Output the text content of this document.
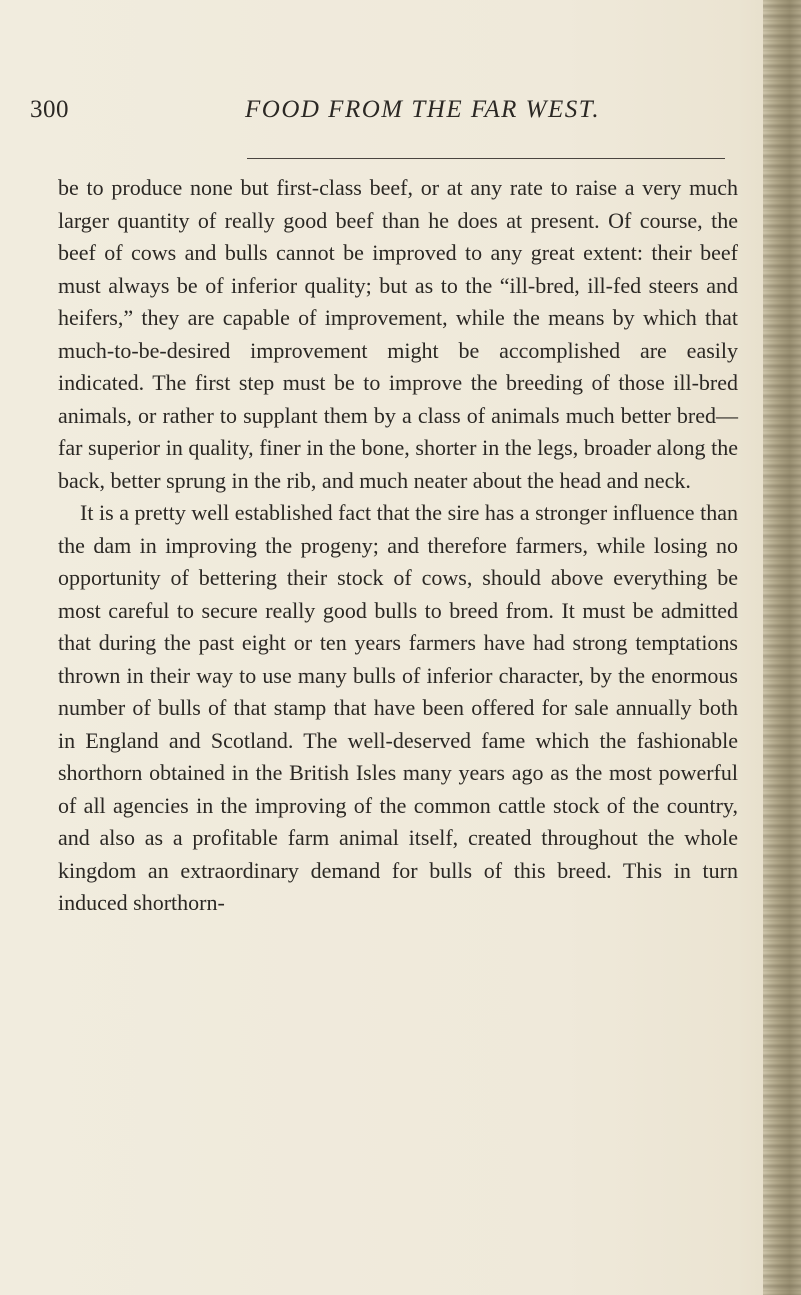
300	FOOD FROM THE FAR WEST.

be to produce none but first-class beef, or at any rate to raise a very much larger quantity of really good beef than he does at present. Of course, the beef of cows and bulls cannot be improved to any great extent: their beef must always be of inferior quality; but as to the “ill-bred, ill-fed steers and heifers,” they are capable of improvement, while the means by which that much-to-be-desired improvement might be accomplished are easily indicated. The first step must be to improve the breeding of those ill-bred animals, or rather to supplant them by a class of animals much better bred—far superior in quality, finer in the bone, shorter in the legs, broader along the back, better sprung in the rib, and much neater about the head and neck.

It is a pretty well established fact that the sire has a stronger influence than the dam in improving the progeny; and therefore farmers, while losing no opportunity of bettering their stock of cows, should above everything be most careful to secure really good bulls to breed from. It must be admitted that during the past eight or ten years farmers have had strong temptations thrown in their way to use many bulls of inferior character, by the enormous number of bulls of that stamp that have been offered for sale annually both in England and Scotland. The well-deserved fame which the fashionable shorthorn obtained in the British Isles many years ago as the most powerful of all agencies in the improving of the common cattle stock of the country, and also as a profitable farm animal itself, created throughout the whole kingdom an extraordinary demand for bulls of this breed. This in turn induced shorthorn-
